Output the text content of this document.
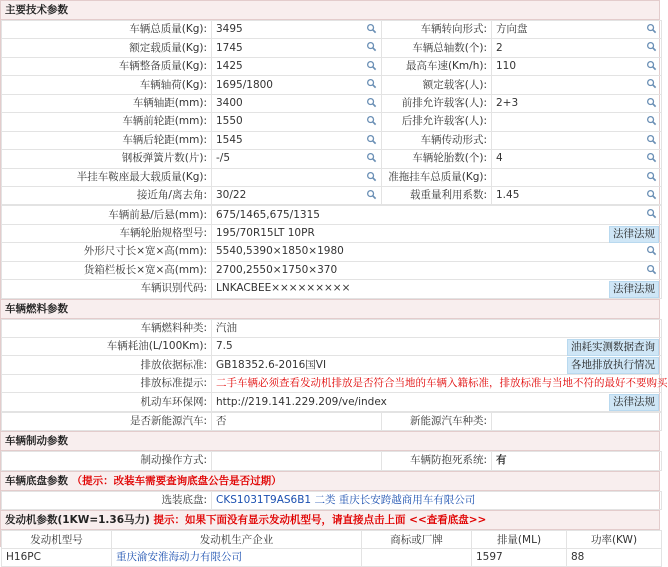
主要技术参数
车辆总质量(Kg):	3495	车辆转向形式:	方向盘

额定载质量(Kg):	1745	车辆总轴数(个):	2

车辆整备质量(Kg):	1425	最高车速(Km/h):	110

车辆轴荷(Kg):	1695/1800	额定载客(人):	

车辆轴距(mm):	3400	前排允许载客(人):	2+3

车辆前轮距(mm):	1550	后排允许载客(人):	

车辆后轮距(mm):	1545	车辆传动形式:	

钢板弹簧片数(片):	-/5	车辆轮胎数(个):	4

半挂车鞍座最大载质量(Kg):		准拖挂车总质量(Kg):	

接近角/离去角:	30/22	载重量利用系数:	1.45
车辆前悬/后悬(mm):	675/1465,675/1315

车辆轮胎规格型号:	195/70R15LT 10PR 法律法规

外形尺寸长×宽×高(mm):	5540,5390×1850×1980

货箱栏板长×宽×高(mm):	2700,2550×1750×370

车辆识别代码:	LNKACBEE××××××××× 法律法规
车辆燃料参数
车辆燃料种类:	汽油
车辆耗油(L/100Km):	7.5 油耗实测数据查询

排放依据标准:	GB18352.6-2016国VI 各地排放执行情况

排放标准提示:	二手车辆必须查看发动机排放是否符合当地的车辆入籍标准，排放标准与当地不符的最好不要购买
机动车环保网:	http://219.141.229.209/ve/index 法律法规
是否新能源汽车:	否	新能源汽车种类:	
车辆制动参数
制动操作方式:		车辆防抱死系统:	有
车辆底盘参数 （提示：改装车需要查询底盘公告是否过期）
选装底盘:	CKS1031T9AS6B1 二类 重庆长安跨越商用车有限公司
发动机参数(1KW=1.36马力) 提示：如果下面没有显示发动机型号，请直接点击上面 <<查看底盘>>
发动机型号	发动机生产企业	商标或厂牌	排量(ML)	功率(KW)
H16PC	重庆渝安淮海动力有限公司		1597	88
